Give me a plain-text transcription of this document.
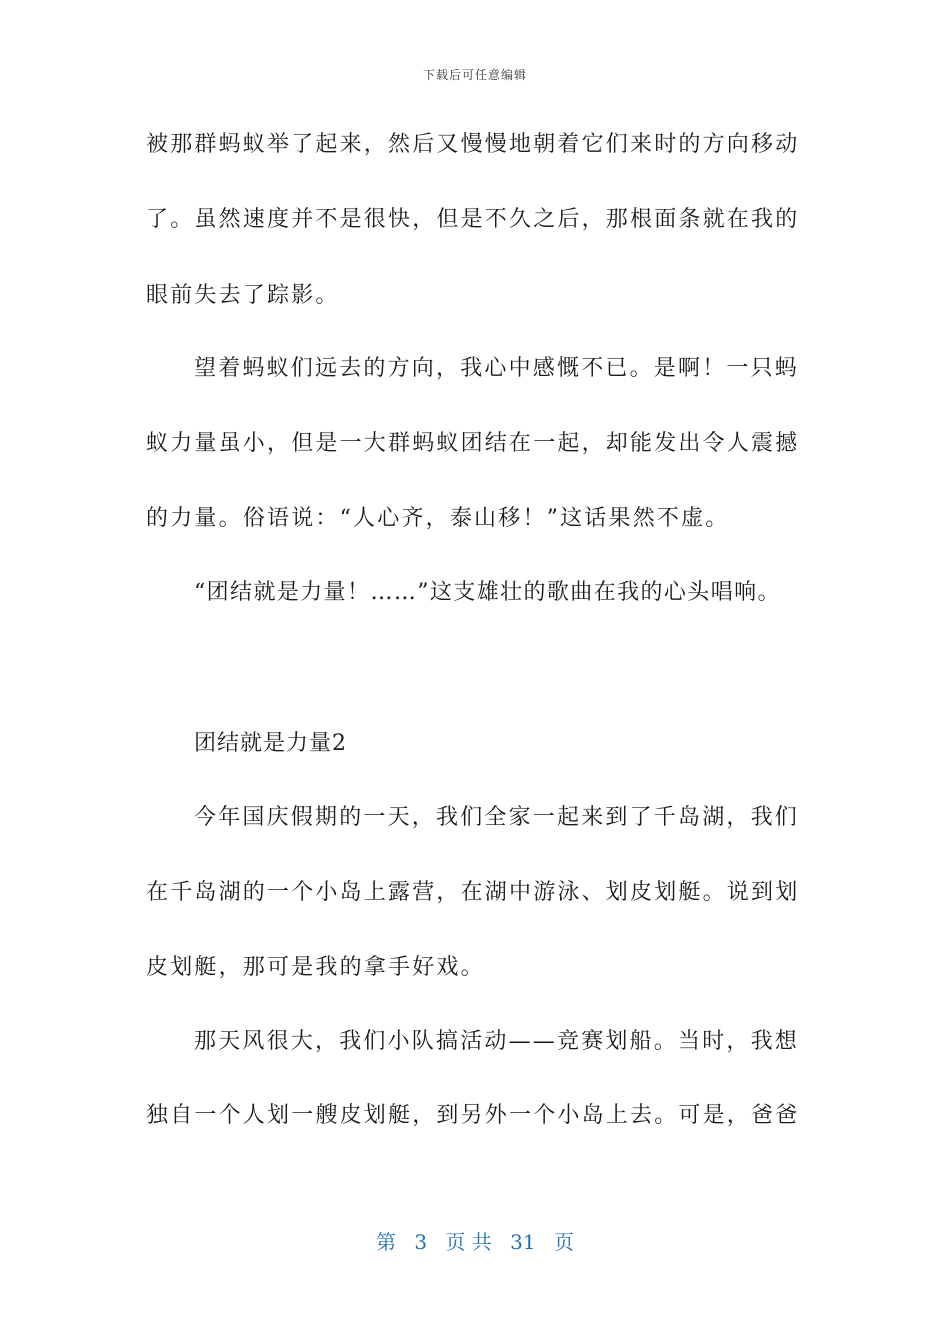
下载后可任意编辑
被那群蚂蚁举了起来，然后又慢慢地朝着它们来时的方向移动
了。虽然速度并不是很快，但是不久之后，那根面条就在我的
眼前失去了踪影。
望着蚂蚁们远去的方向，我心中感慨不已。是啊！一只蚂
蚁力量虽小，但是一大群蚂蚁团结在一起，却能发出令人震撼
的力量。俗语说：“人心齐，泰山移！”这话果然不虚。
“团结就是力量！……”这支雄壮的歌曲在我的心头唱响。
团结就是力量2
今年国庆假期的一天，我们全家一起来到了千岛湖，我们
在千岛湖的一个小岛上露营，在湖中游泳、划皮划艇。说到划
皮划艇，那可是我的拿手好戏。
那天风很大，我们小队搞活动——竞赛划船。当时，我想
独自一个人划一艘皮划艇，到另外一个小岛上去。可是，爸爸
第 3 页 共 31 页
